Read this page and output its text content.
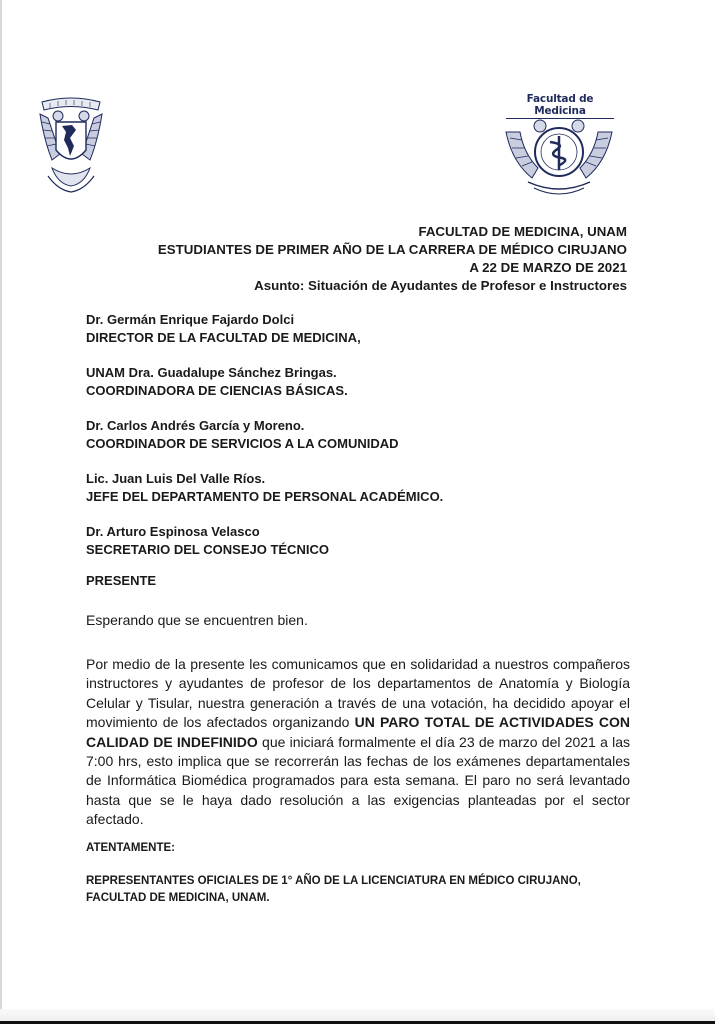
Facultad de Medicina
FACULTAD DE MEDICINA, UNAM
ESTUDIANTES DE PRIMER AÑO DE LA CARRERA DE MÉDICO CIRUJANO
A 22 DE MARZO DE 2021
Asunto: Situación de Ayudantes de Profesor e Instructores
Dr. Germán Enrique Fajardo Dolci
DIRECTOR DE LA FACULTAD DE MEDICINA,
UNAM Dra. Guadalupe Sánchez Bringas.
COORDINADORA DE CIENCIAS BÁSICAS.
Dr. Carlos Andrés García y Moreno.
COORDINADOR DE SERVICIOS A LA COMUNIDAD
Lic. Juan Luis Del Valle Ríos.
JEFE DEL DEPARTAMENTO DE PERSONAL ACADÉMICO.
Dr. Arturo Espinosa Velasco
SECRETARIO DEL CONSEJO TÉCNICO
PRESENTE
Esperando que se encuentren bien.
Por medio de la presente les comunicamos que en solidaridad a nuestros compañeros instructores y ayudantes de profesor de los departamentos de Anatomía y Biología Celular y Tisular, nuestra generación a través de una votación, ha decidido apoyar el movimiento de los afectados organizando UN PARO TOTAL DE ACTIVIDADES CON CALIDAD DE INDEFINIDO que iniciará formalmente el día 23 de marzo del 2021 a las 7:00 hrs, esto implica que se recorrerán las fechas de los exámenes departamentales de Informática Biomédica programados para esta semana. El paro no será levantado hasta que se le haya dado resolución a las exigencias planteadas por el sector afectado.
ATENTAMENTE:
REPRESENTANTES OFICIALES DE 1° AÑO DE LA LICENCIATURA EN MÉDICO CIRUJANO,
FACULTAD DE MEDICINA, UNAM.
